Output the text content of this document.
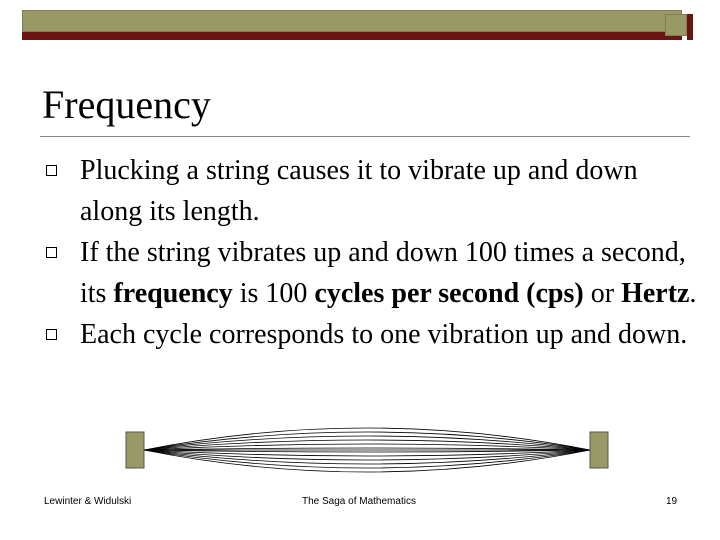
Frequency
Plucking a string causes it to vibrate up and down along its length.
If the string vibrates up and down 100 times a second, its frequency is 100 cycles per second (cps) or Hertz.
Each cycle corresponds to one vibration up and down.
Lewinter & Widulski	The Saga of Mathematics	19
